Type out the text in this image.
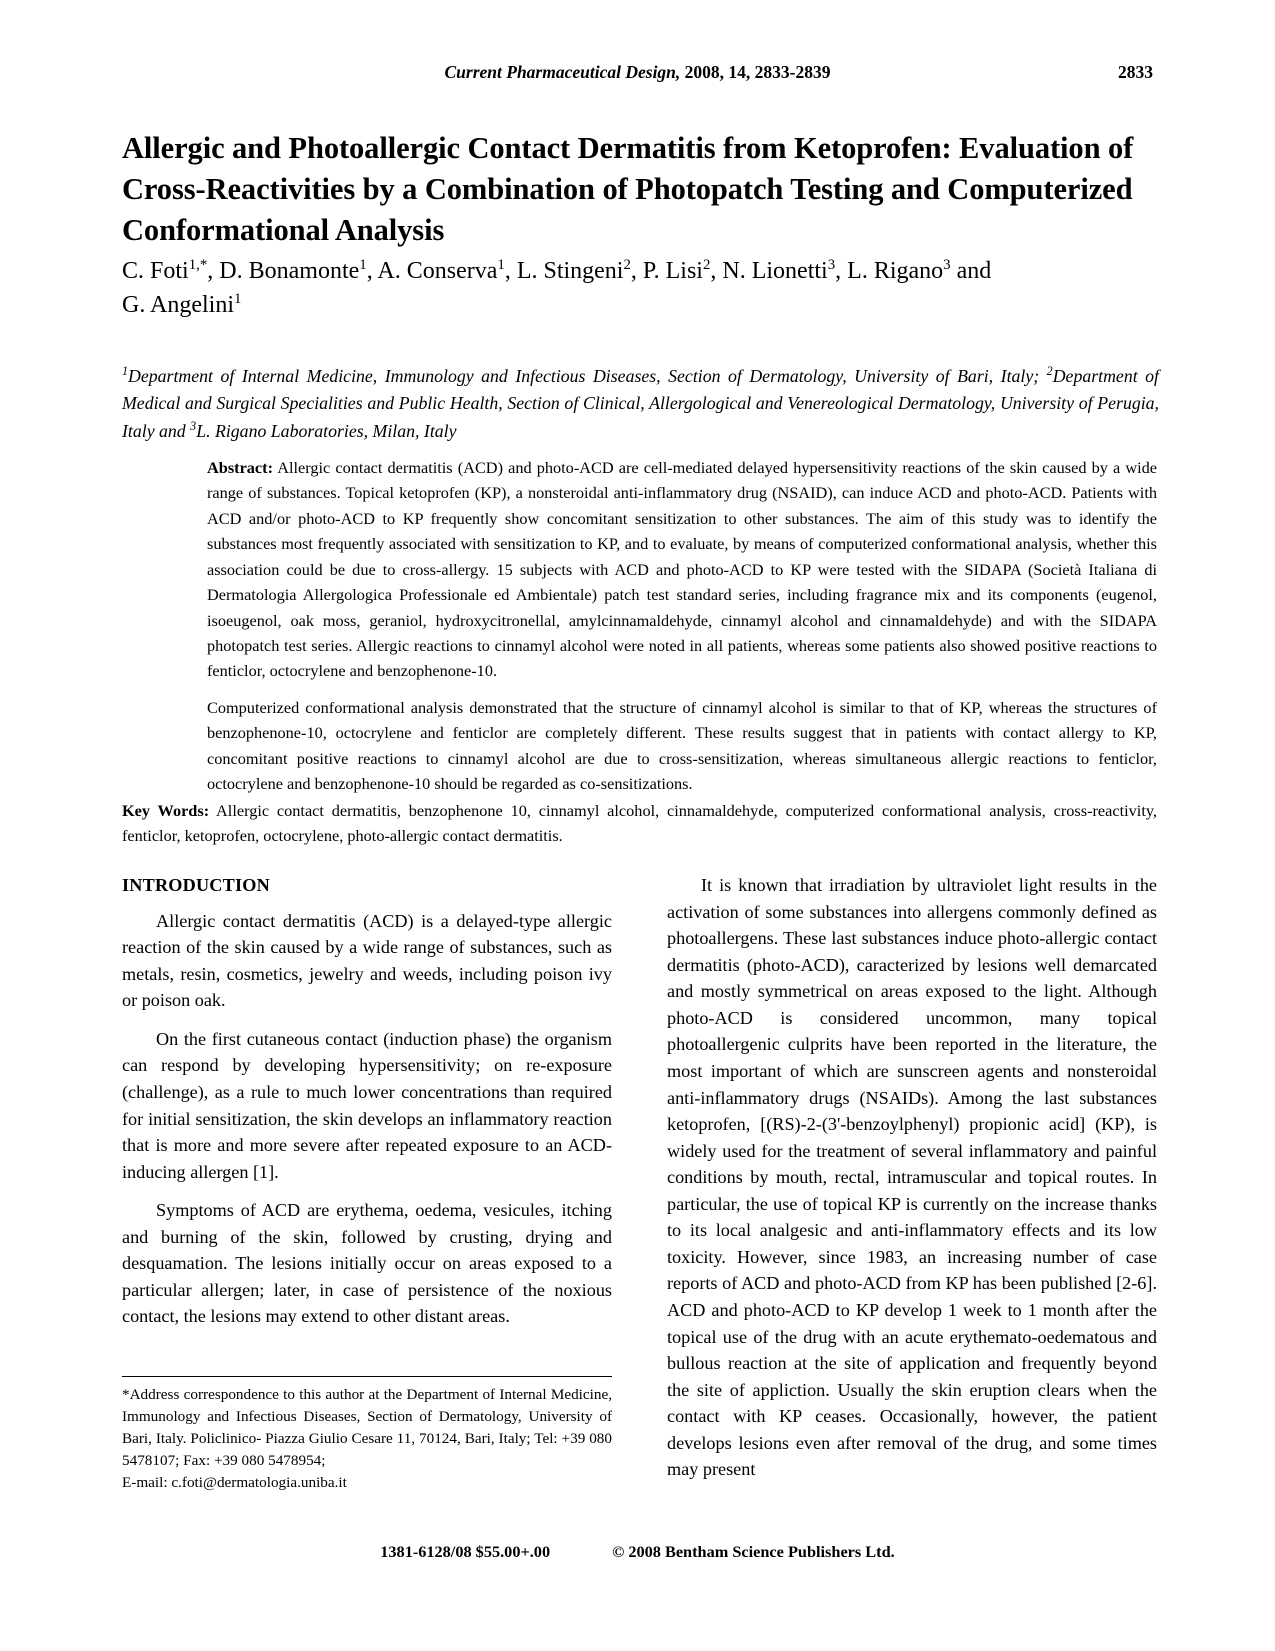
Current Pharmaceutical Design, 2008, 14, 2833-2839	2833
Allergic and Photoallergic Contact Dermatitis from Ketoprofen: Evaluation of Cross-Reactivities by a Combination of Photopatch Testing and Computerized Conformational Analysis
C. Foti$^{1,*}$, D. Bonamonte$^1$, A. Conserva$^1$, L. Stingeni$^2$, P. Lisi$^2$, N. Lionetti$^3$, L. Rigano$^3$ and
G. Angelini$^1$
$^1$Department of Internal Medicine, Immunology and Infectious Diseases, Section of Dermatology, University of Bari, Italy; $^2$Department of Medical and Surgical Specialities and Public Health, Section of Clinical, Allergological and Venereological Dermatology, University of Perugia, Italy and $^3$L. Rigano Laboratories, Milan, Italy

Abstract: Allergic contact dermatitis (ACD) and photo-ACD are cell-mediated delayed hypersensitivity reactions of the skin caused by a wide range of substances. Topical ketoprofen (KP), a nonsteroidal anti-inflammatory drug (NSAID), can induce ACD and photo-ACD. Patients with ACD and/or photo-ACD to KP frequently show concomitant sensitization to other substances. The aim of this study was to identify the substances most frequently associated with sensitization to KP, and to evaluate, by means of computerized conformational analysis, whether this association could be due to cross-allergy. 15 subjects with ACD and photo-ACD to KP were tested with the SIDAPA (Società Italiana di Dermatologia Allergologica Professionale ed Ambientale) patch test standard series, including fragrance mix and its components (eugenol, isoeugenol, oak moss, geraniol, hydroxycitronellal, amylcinnamaldehyde, cinnamyl alcohol and cinnamaldehyde) and with the SIDAPA photopatch test series. Allergic reactions to cinnamyl alcohol were noted in all patients, whereas some patients also showed positive reactions to fenticlor, octocrylene and benzophenone-10.

Computerized conformational analysis demonstrated that the structure of cinnamyl alcohol is similar to that of KP, whereas the structures of benzophenone-10, octocrylene and fenticlor are completely different. These results suggest that in patients with contact allergy to KP, concomitant positive reactions to cinnamyl alcohol are due to cross-sensitization, whereas simultaneous allergic reactions to fenticlor, octocrylene and benzophenone-10 should be regarded as co-sensitizations.

Key Words: Allergic contact dermatitis, benzophenone 10, cinnamyl alcohol, cinnamaldehyde, computerized conformational analysis, cross-reactivity, fenticlor, ketoprofen, octocrylene, photo-allergic contact dermatitis.
INTRODUCTION

Allergic contact dermatitis (ACD) is a delayed-type allergic reaction of the skin caused by a wide range of substances, such as metals, resin, cosmetics, jewelry and weeds, including poison ivy or poison oak.

On the first cutaneous contact (induction phase) the organism can respond by developing hypersensitivity; on re-exposure (challenge), as a rule to much lower concentrations than required for initial sensitization, the skin develops an inflammatory reaction that is more and more severe after repeated exposure to an ACD-inducing allergen [1].

Symptoms of ACD are erythema, oedema, vesicules, itching and burning of the skin, followed by crusting, drying and desquamation. The lesions initially occur on areas exposed to a particular allergen; later, in case of persistence of the noxious contact, the lesions may extend to other distant areas.

It is known that irradiation by ultraviolet light results in the activation of some substances into allergens commonly defined as photoallergens. These last substances induce photo-allergic contact dermatitis (photo-ACD), caracterized by lesions well demarcated and mostly symmetrical on areas exposed to the light. Although photo-ACD is considered uncommon, many topical photoallergenic culprits have been reported in the literature, the most important of which are sunscreen agents and nonsteroidal anti-inflammatory drugs (NSAIDs). Among the last substances ketoprofen, [(RS)-2-(3'-benzoylphenyl) propionic acid] (KP), is widely used for the treatment of several inflammatory and painful conditions by mouth, rectal, intramuscular and topical routes. In particular, the use of topical KP is currently on the increase thanks to its local analgesic and anti-inflammatory effects and its low toxicity. However, since 1983, an increasing number of case reports of ACD and photo-ACD from KP has been published [2-6]. ACD and photo-ACD to KP develop 1 week to 1 month after the topical use of the drug with an acute erythemato-oedematous and bullous reaction at the site of application and frequently beyond the site of appliction. Usually the skin eruption clears when the contact with KP ceases. Occasionally, however, the patient develops lesions even after removal of the drug, and some times may present

*Address correspondence to this author at the Department of Internal Medicine, Immunology and Infectious Diseases, Section of Dermatology, University of Bari, Italy. Policlinico- Piazza Giulio Cesare 11, 70124, Bari, Italy; Tel: +39 080 5478107; Fax: +39 080 5478954;

E-mail: c.foti@dermatologia.uniba.it

1381-6128/08 $55.00+.00	© 2008 Bentham Science Publishers Ltd.
